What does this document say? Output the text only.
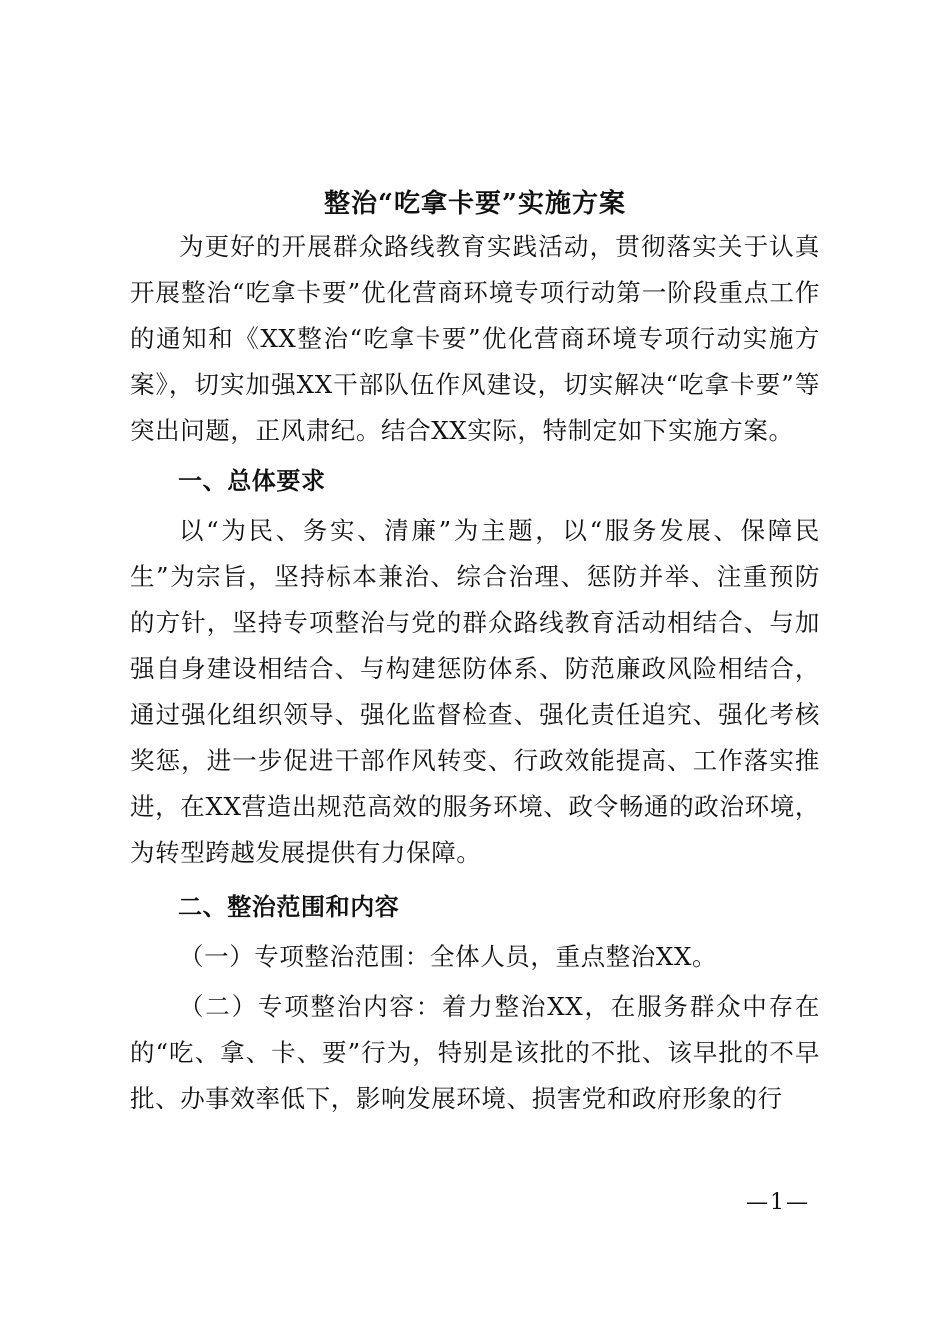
整治“吃拿卡要”实施方案

为更好的开展群众路线教育实践活动，贯彻落实关于认真开展整治“吃拿卡要”优化营商环境专项行动第一阶段重点工作的通知和《XX整治“吃拿卡要”优化营商环境专项行动实施方案》，切实加强XX干部队伍作风建设，切实解决“吃拿卡要”等突出问题，正风肃纪。结合XX实际，特制定如下实施方案。

一、总体要求

以“为民、务实、清廉”为主题，以“服务发展、保障民生”为宗旨，坚持标本兼治、综合治理、惩防并举、注重预防的方针，坚持专项整治与党的群众路线教育活动相结合、与加强自身建设相结合、与构建惩防体系、防范廉政风险相结合，通过强化组织领导、强化监督检查、强化责任追究、强化考核奖惩，进一步促进干部作风转变、行政效能提高、工作落实推进，在XX营造出规范高效的服务环境、政令畅通的政治环境，为转型跨越发展提供有力保障。

二、整治范围和内容

（一）专项整治范围：全体人员，重点整治XX。

（二）专项整治内容：着力整治XX，在服务群众中存在的“吃、拿、卡、要”行为，特别是该批的不批、该早批的不早批、办事效率低下，影响发展环境、损害党和政府形象的行

—1—
